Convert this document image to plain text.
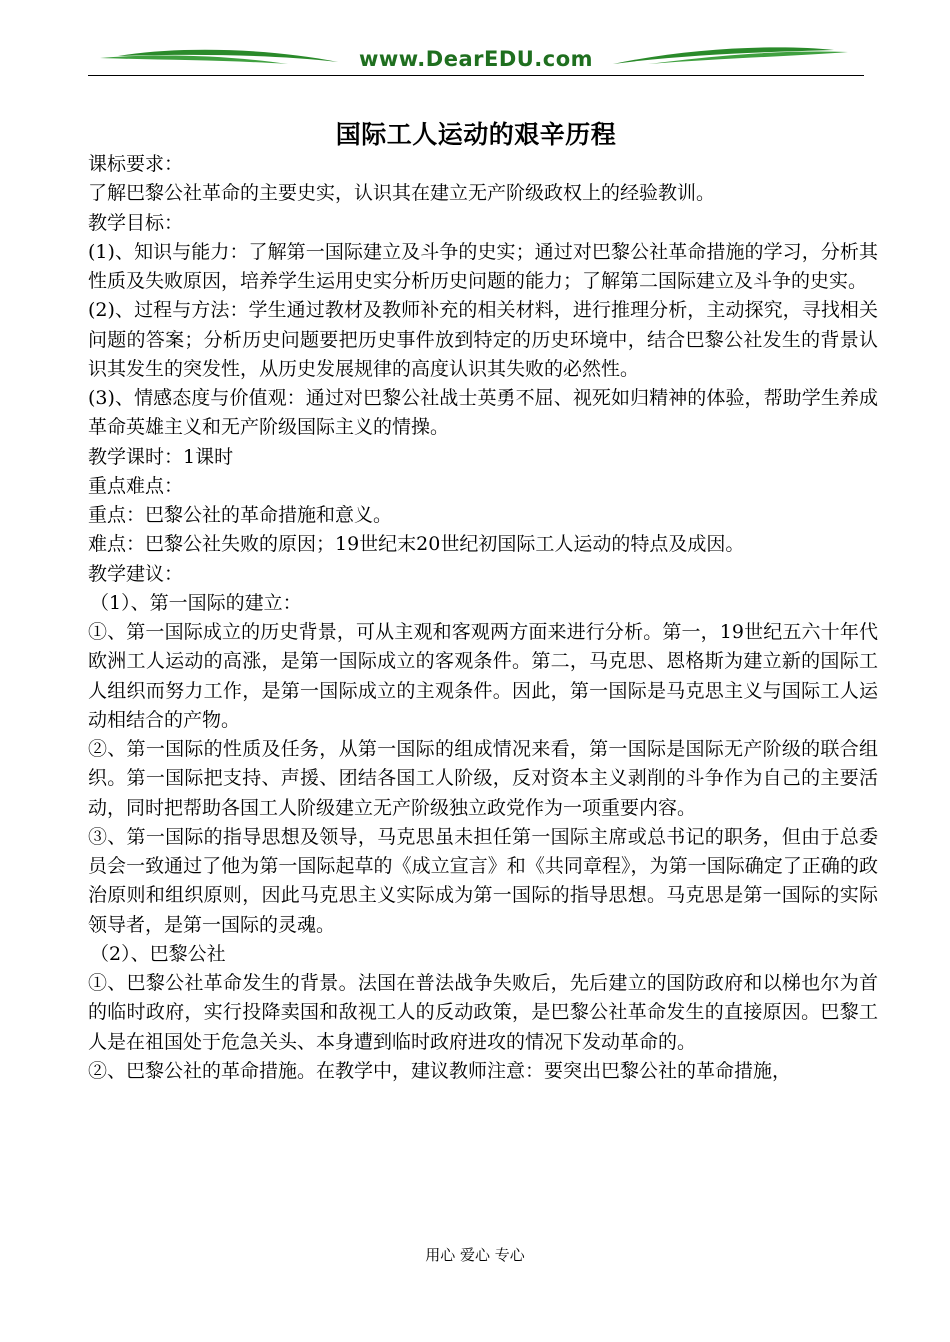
www.DearEDU.com
国际工人运动的艰辛历程

课标要求：

了解巴黎公社革命的主要史实，认识其在建立无产阶级政权上的经验教训。

教学目标：

(1)、知识与能力：了解第一国际建立及斗争的史实；通过对巴黎公社革命措施的学习，分析其性质及失败原因，培养学生运用史实分析历史问题的能力；了解第二国际建立及斗争的史实。

(2)、过程与方法：学生通过教材及教师补充的相关材料，进行推理分析，主动探究，寻找相关问题的答案；分析历史问题要把历史事件放到特定的历史环境中，结合巴黎公社发生的背景认识其发生的突发性，从历史发展规律的高度认识其失败的必然性。

(3)、情感态度与价值观：通过对巴黎公社战士英勇不屈、视死如归精神的体验，帮助学生养成革命英雄主义和无产阶级国际主义的情操。

教学课时：1课时

重点难点：

重点：巴黎公社的革命措施和意义。

难点：巴黎公社失败的原因；19世纪末20世纪初国际工人运动的特点及成因。

教学建议：

（1）、第一国际的建立：

①、第一国际成立的历史背景，可从主观和客观两方面来进行分析。第一，19世纪五六十年代欧洲工人运动的高涨，是第一国际成立的客观条件。第二，马克思、恩格斯为建立新的国际工人组织而努力工作，是第一国际成立的主观条件。因此，第一国际是马克思主义与国际工人运动相结合的产物。

②、第一国际的性质及任务，从第一国际的组成情况来看，第一国际是国际无产阶级的联合组织。第一国际把支持、声援、团结各国工人阶级，反对资本主义剥削的斗争作为自己的主要活动，同时把帮助各国工人阶级建立无产阶级独立政党作为一项重要内容。

③、第一国际的指导思想及领导，马克思虽未担任第一国际主席或总书记的职务，但由于总委员会一致通过了他为第一国际起草的《成立宣言》和《共同章程》，为第一国际确定了正确的政治原则和组织原则，因此马克思主义实际成为第一国际的指导思想。马克思是第一国际的实际领导者，是第一国际的灵魂。

（2）、巴黎公社

①、巴黎公社革命发生的背景。法国在普法战争失败后，先后建立的国防政府和以梯也尔为首的临时政府，实行投降卖国和敌视工人的反动政策，是巴黎公社革命发生的直接原因。巴黎工人是在祖国处于危急关头、本身遭到临时政府进攻的情况下发动革命的。

②、巴黎公社的革命措施。在教学中，建议教师注意：要突出巴黎公社的革命措施，

用心 爱心 专心
